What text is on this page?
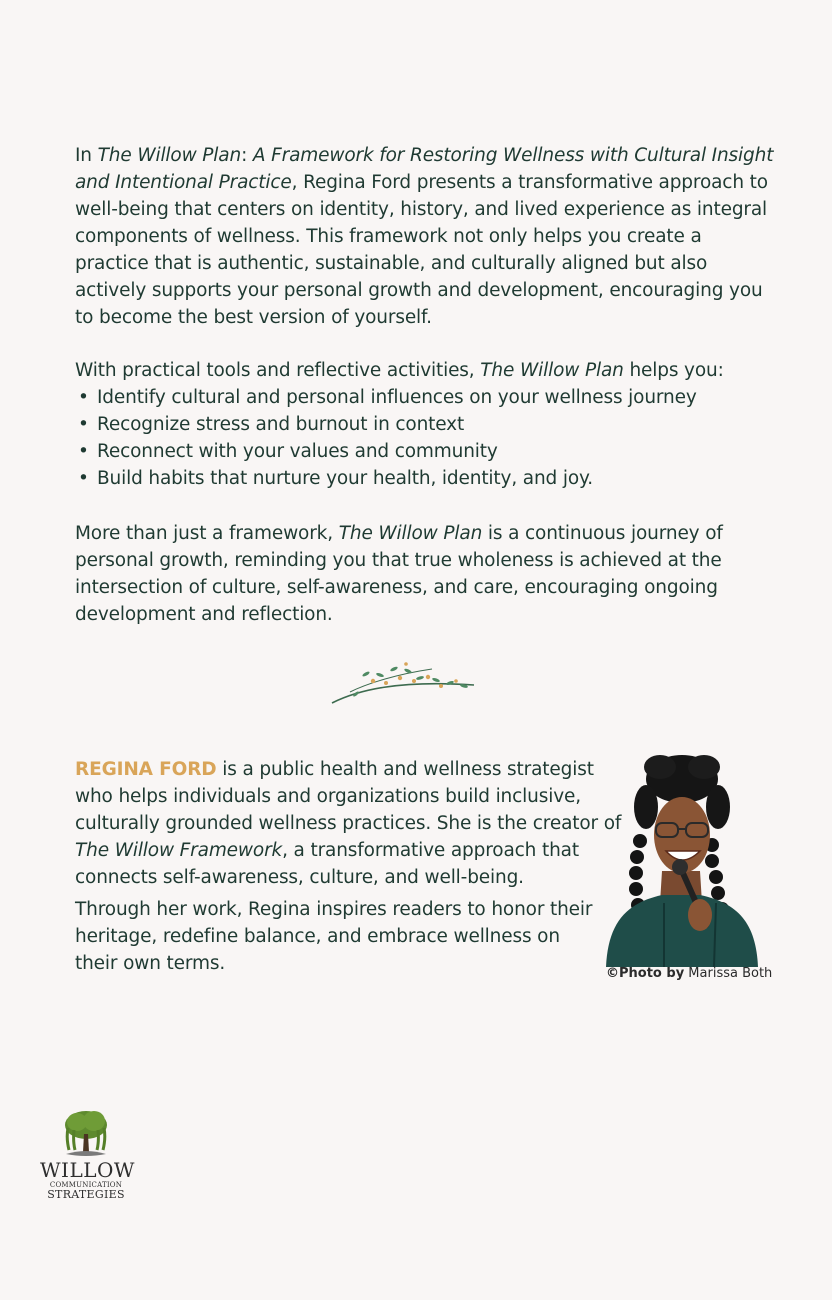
In The Willow Plan: A Framework for Restoring Wellness with Cultural Insight and Intentional Practice, Regina Ford presents a transformative approach to well-being that centers on identity, history, and lived experience as integral components of wellness. This framework not only helps you create a practice that is authentic, sustainable, and culturally aligned but also actively supports your personal growth and development, encouraging you to become the best version of yourself.

With practical tools and reflective activities, The Willow Plan helps you:

• Identify cultural and personal influences on your wellness journey
• Recognize stress and burnout in context
• Reconnect with your values and community
• Build habits that nurture your health, identity, and joy.

More than just a framework, The Willow Plan is a continuous journey of personal growth, reminding you that true wholeness is achieved at the intersection of culture, self-awareness, and care, encouraging ongoing development and reflection.

REGINA FORD is a public health and wellness strategist who helps individuals and organizations build inclusive, culturally grounded wellness practices. She is the creator of The Willow Framework, a transformative approach that connects self-awareness, culture, and well-being.

Through her work, Regina inspires readers to honor their heritage, redefine balance, and embrace wellness on their own terms.	©Photo by Marissa Both
WILLOW
COMMUNICATION
STRATEGIES
